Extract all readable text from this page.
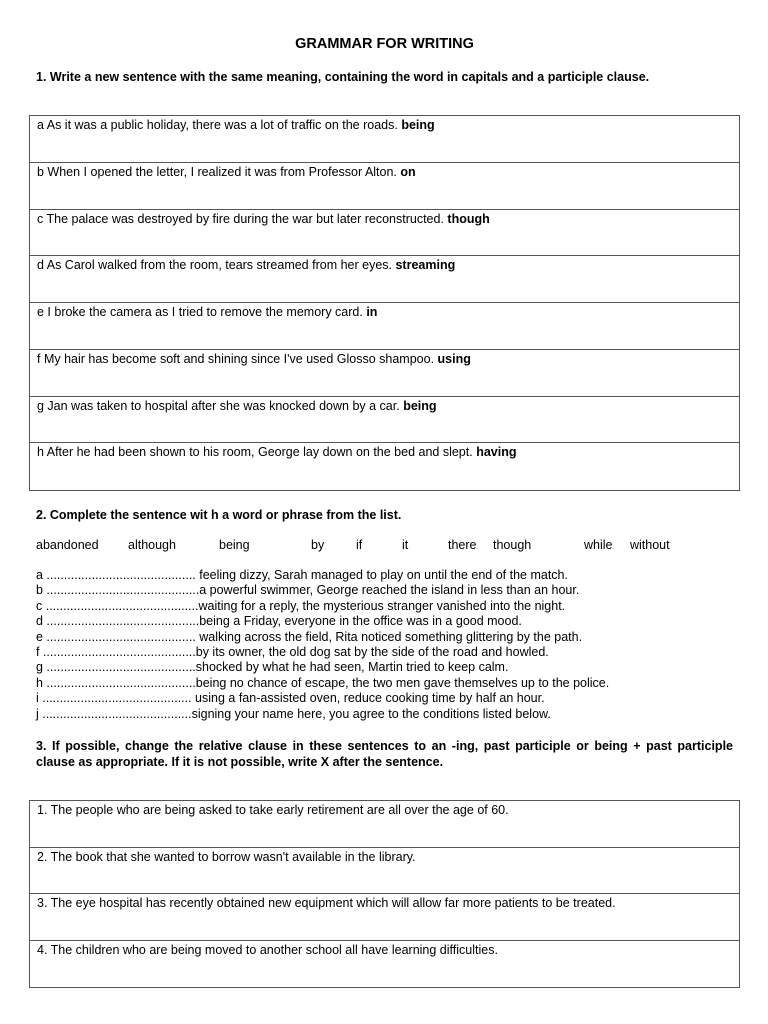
GRAMMAR FOR WRITING
1. Write a new sentence with the same meaning, containing the word in capitals and a participle clause.
a As it was a public holiday, there was a lot of traffic on the roads. being
b When I opened the letter, I realized it was from Professor Alton. on
c The palace was destroyed by fire during the war but later reconstructed. though
d As Carol walked from the room, tears streamed from her eyes. streaming
e I broke the camera as I tried to remove the memory card. in
f My hair has become soft and shining since I've used Glosso shampoo. using
g Jan was taken to hospital after she was knocked down by a car. being
h After he had been shown to his room, George lay down on the bed and slept. having
2. Complete the sentence wit h a word or phrase from the list.
abandoned although	being	by	if	it	there though	while without
a ........................................... feeling dizzy, Sarah managed to play on until the end of the match.
b ............................................a powerful swimmer, George reached the island in less than an hour.
c ............................................waiting for a reply, the mysterious stranger vanished into the night.
d ............................................being a Friday, everyone in the office was in a good mood.
e ........................................... walking across the field, Rita noticed something glittering by the path.
f ............................................by its owner, the old dog sat by the side of the road and howled.
g ...........................................shocked by what he had seen, Martin tried to keep calm.
h ...........................................being no chance of escape, the two men gave themselves up to the police.
i ........................................... using a fan-assisted oven, reduce cooking time by half an hour.
j ...........................................signing your name here, you agree to the conditions listed below.
3. If possible, change the relative clause in these sentences to an -ing, past participle or being + past participle clause as appropriate. If it is not possible, write X after the sentence.
1. The people who are being asked to take early retirement are all over the age of 60.
2. The book that she wanted to borrow wasn't available in the library.
3. The eye hospital has recently obtained new equipment which will allow far more patients to be treated.
4. The children who are being moved to another school all have learning difficulties.
